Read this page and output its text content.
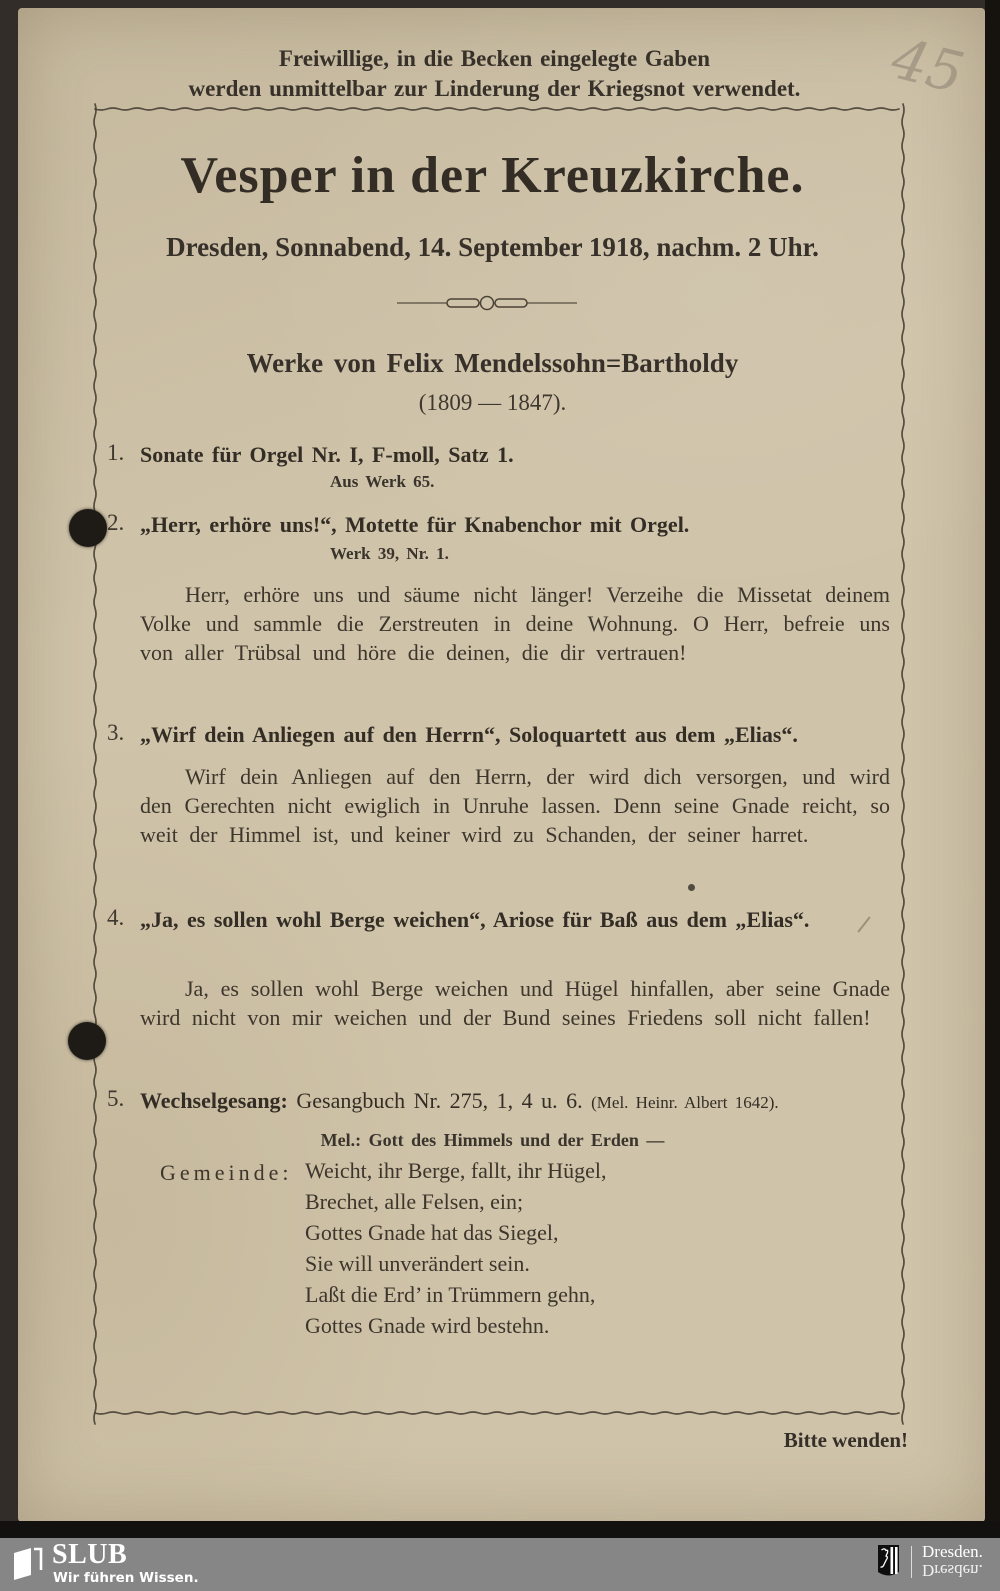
Freiwillige, in die Becken eingelegte Gaben
werden unmittelbar zur Linderung der Kriegsnot verwendet.	45
Vesper in der Kreuzkirche.
Dresden, Sonnabend, 14. September 1918, nachm. 2 Uhr.
Werke von Felix Mendelssohn=Bartholdy
(1809 — 1847).
1. Sonate für Orgel Nr. I, F-moll, Satz 1.
Aus Werk 65.
2. „Herr, erhöre uns!“, Motette für Knabenchor mit Orgel.
Werk 39, Nr. 1.
Herr, erhöre uns und säume nicht länger! Verzeihe die Missetat deinem Volke und sammle die Zerstreuten in deine Wohnung. O Herr, befreie uns von aller Trübsal und höre die deinen, die dir vertrauen!
3. „Wirf dein Anliegen auf den Herrn“, Soloquartett aus dem „Elias“.
Wirf dein Anliegen auf den Herrn, der wird dich versorgen, und wird den Gerechten nicht ewiglich in Unruhe lassen. Denn seine Gnade reicht, so weit der Himmel ist, und keiner wird zu Schanden, der seiner harret.
4. „Ja, es sollen wohl Berge weichen“, Ariose für Baß aus dem „Elias“.
Ja, es sollen wohl Berge weichen und Hügel hinfallen, aber seine Gnade wird nicht von mir weichen und der Bund seines Friedens soll nicht fallen!
5. Wechselgesang: Gesangbuch Nr. 275, 1, 4 u. 6. (Mel. Heinr. Albert 1642).
Mel.: Gott des Himmels und der Erden —
Gemeinde: Weicht, ihr Berge, fallt, ihr Hügel,
Brechet, alle Felsen, ein;
Gottes Gnade hat das Siegel,
Sie will unverändert sein.
Laßt die Erd’ in Trümmern gehn,
Gottes Gnade wird bestehn.
Bitte wenden!
SLUB
Wir führen Wissen.
Dresden.
Dresden.
